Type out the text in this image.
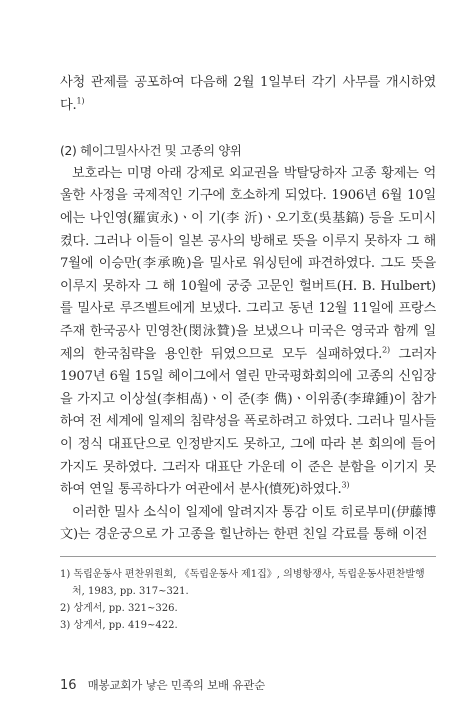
사청 관제를 공포하여 다음해 2월 1일부터 각기 사무를 개시하였다.$^{1)}$

(2) 헤이그밀사사건 및 고종의 양위

보호라는 미명 아래 강제로 외교권을 박탈당하자 고종 황제는 억울한 사정을 국제적인 기구에 호소하게 되었다. 1906년 6월 10일에는 나인영(羅寅永)ㆍ이 기(李 沂)ㆍ오기호(吳基鎬) 등을 도미시켰다. 그러나 이들이 일본 공사의 방해로 뜻을 이루지 못하자 그 해 7월에 이승만(李承晩)을 밀사로 워싱턴에 파견하였다. 그도 뜻을 이루지 못하자 그 해 10월에 궁중 고문인 헐버트(H. B. Hulbert)를 밀사로 루즈벨트에게 보냈다. 그리고 동년 12월 11일에 프랑스 주재 한국공사 민영찬(閔泳贊)을 보냈으나 미국은 영국과 함께 일제의 한국침략을 용인한 뒤였으므로 모두 실패하였다.$^{2)}$ 그러자 1907년 6월 15일 헤이그에서 열린 만국평화회의에 고종의 신임장을 가지고 이상설(李相卨)ㆍ이 준(李 儁)ㆍ이위종(李瑋鍾)이 참가하여 전 세계에 일제의 침략성을 폭로하려고 하였다. 그러나 밀사들이 정식 대표단으로 인정받지도 못하고, 그에 따라 본 회의에 들어가지도 못하였다. 그러자 대표단 가운데 이 준은 분함을 이기지 못하여 연일 통곡하다가 여관에서 분사(憤死)하였다.$^{3)}$

이러한 밀사 소식이 일제에 알려지자 통감 이토 히로부미(伊藤博文)는 경운궁으로 가 고종을 힐난하는 한편 친일 각료를 통해 이전

1) 독립운동사 편찬위원회, 《독립운동사 제1집》, 의병항쟁사, 독립운동사편찬발행처, 1983, pp. 317~321.

2) 상게서, pp. 321~326.

3) 상게서, pp. 419~422.

16 매봉교회가 낳은 민족의 보배 유관순
